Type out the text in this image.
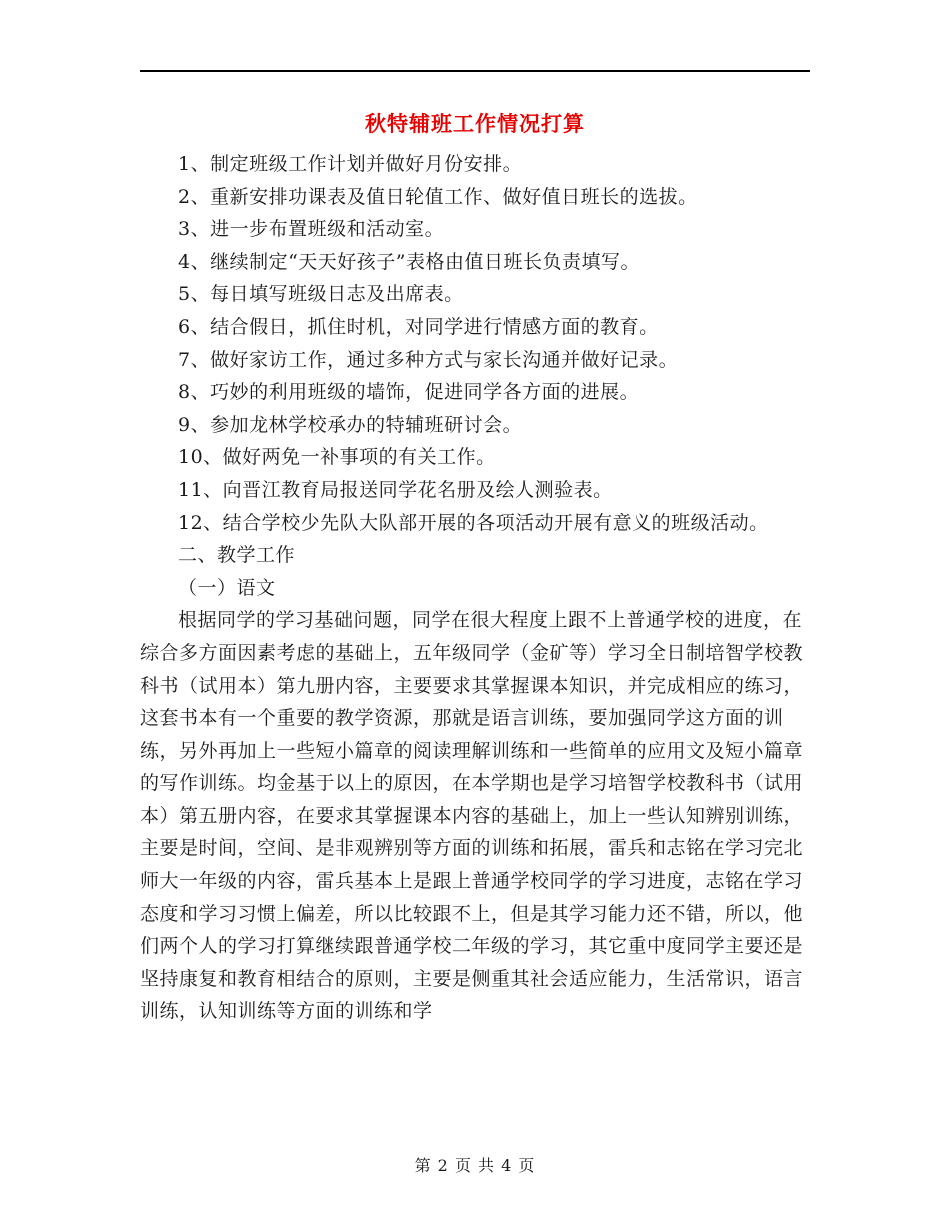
秋特辅班工作情况打算

1、制定班级工作计划并做好月份安排。

2、重新安排功课表及值日轮值工作、做好值日班长的选拔。

3、进一步布置班级和活动室。

4、继续制定“天天好孩子”表格由值日班长负责填写。

5、每日填写班级日志及出席表。

6、结合假日，抓住时机，对同学进行情感方面的教育。

7、做好家访工作，通过多种方式与家长沟通并做好记录。

8、巧妙的利用班级的墙饰，促进同学各方面的进展。

9、参加龙林学校承办的特辅班研讨会。

10、做好两免一补事项的有关工作。

11、向晋江教育局报送同学花名册及绘人测验表。

12、结合学校少先队大队部开展的各项活动开展有意义的班级活动。

二、教学工作

（一）语文

根据同学的学习基础问题，同学在很大程度上跟不上普通学校的进度，在综合多方面因素考虑的基础上，五年级同学（金矿等）学习全日制培智学校教科书（试用本）第九册内容，主要要求其掌握课本知识，并完成相应的练习，这套书本有一个重要的教学资源，那就是语言训练，要加强同学这方面的训练，另外再加上一些短小篇章的阅读理解训练和一些简单的应用文及短小篇章的写作训练。均金基于以上的原因，在本学期也是学习培智学校教科书（试用本）第五册内容，在要求其掌握课本内容的基础上，加上一些认知辨别训练，主要是时间，空间、是非观辨别等方面的训练和拓展，雷兵和志铭在学习完北师大一年级的内容，雷兵基本上是跟上普通学校同学的学习进度，志铭在学习态度和学习习惯上偏差，所以比较跟不上，但是其学习能力还不错，所以，他们两个人的学习打算继续跟普通学校二年级的学习，其它重中度同学主要还是坚持康复和教育相结合的原则，主要是侧重其社会适应能力，生活常识，语言训练，认知训练等方面的训练和学

第 2 页 共 4 页
